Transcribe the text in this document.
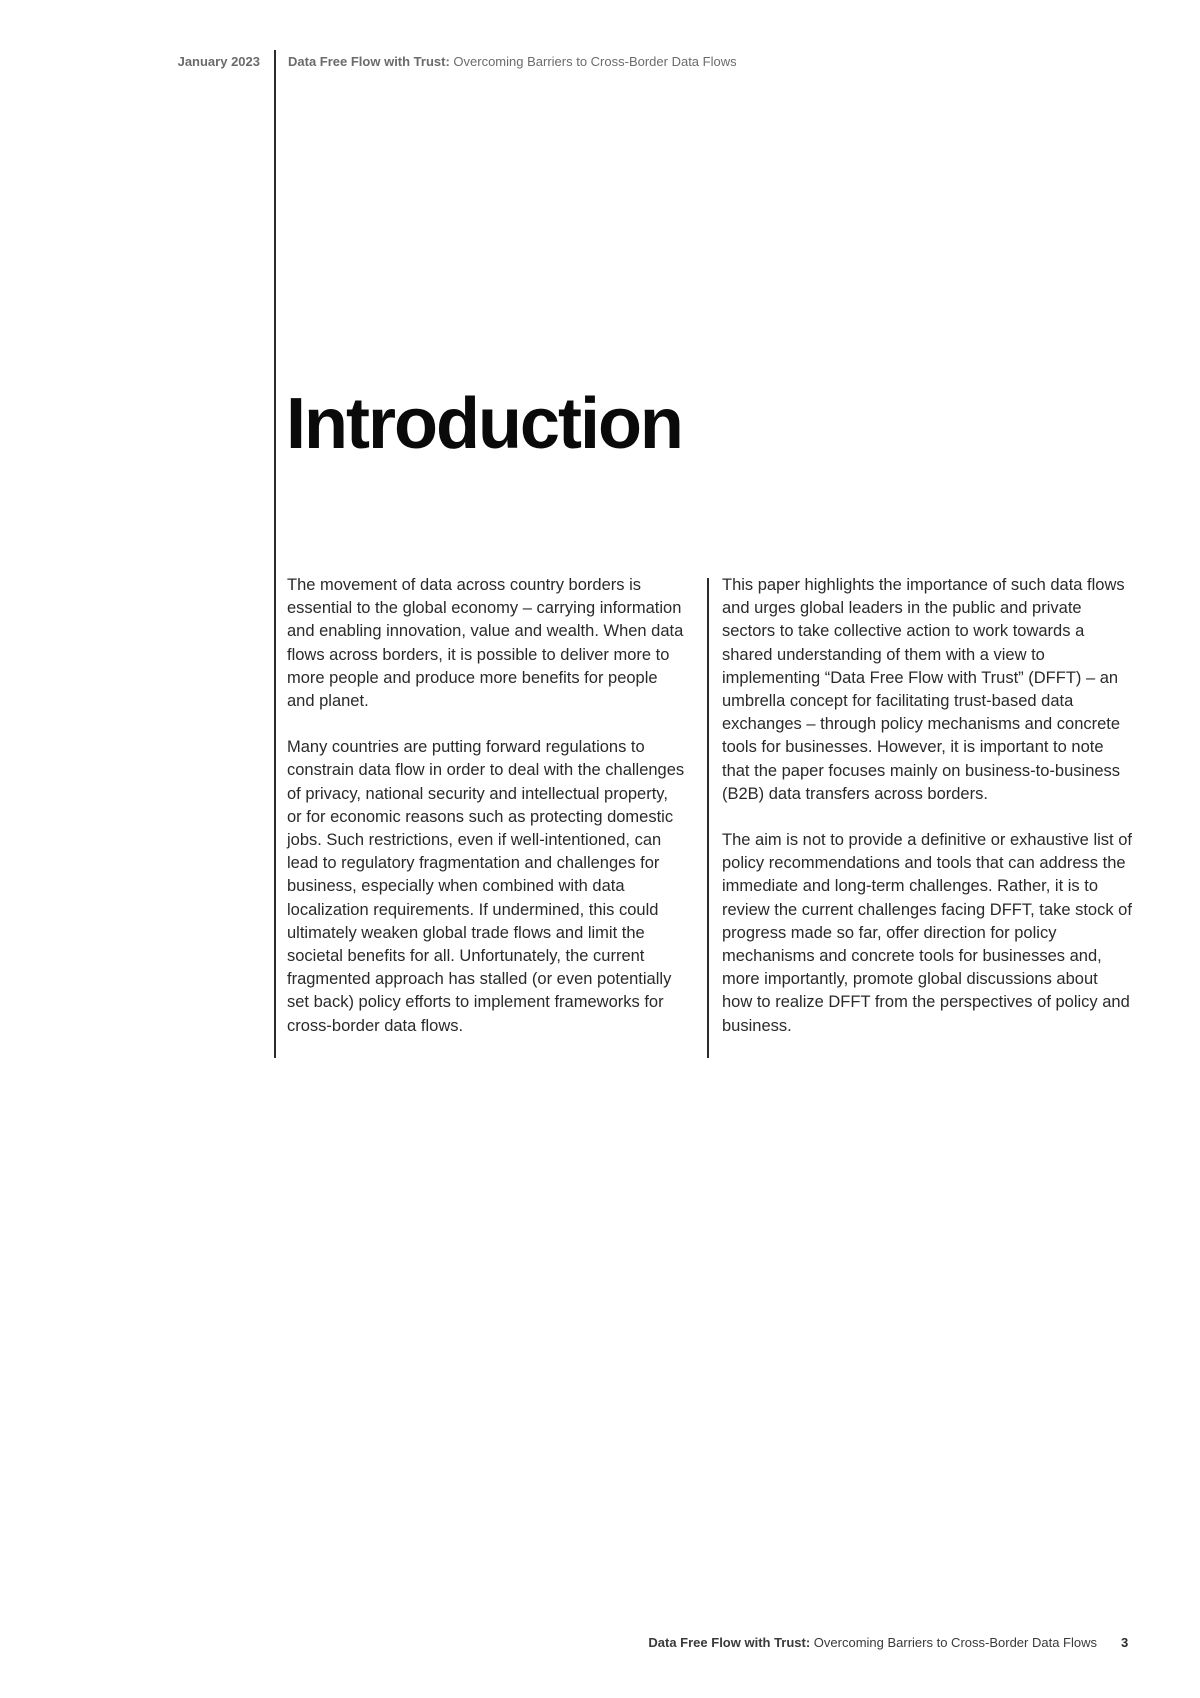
January 2023 Data Free Flow with Trust: Overcoming Barriers to Cross-Border Data Flows
Introduction

The movement of data across country borders is essential to the global economy – carrying information and enabling innovation, value and wealth. When data flows across borders, it is possible to deliver more to more people and produce more benefits for people and planet.

Many countries are putting forward regulations to constrain data flow in order to deal with the challenges of privacy, national security and intellectual property, or for economic reasons such as protecting domestic jobs. Such restrictions, even if well-intentioned, can lead to regulatory fragmentation and challenges for business, especially when combined with data localization requirements. If undermined, this could ultimately weaken global trade flows and limit the societal benefits for all. Unfortunately, the current fragmented approach has stalled (or even potentially set back) policy efforts to implement frameworks for cross-border data flows.

This paper highlights the importance of such data flows and urges global leaders in the public and private sectors to take collective action to work towards a shared understanding of them with a view to implementing “Data Free Flow with Trust” (DFFT) – an umbrella concept for facilitating trust-based data exchanges – through policy mechanisms and concrete tools for businesses. However, it is important to note that the paper focuses mainly on business-to-business (B2B) data transfers across borders.

The aim is not to provide a definitive or exhaustive list of policy recommendations and tools that can address the immediate and long-term challenges. Rather, it is to review the current challenges facing DFFT, take stock of progress made so far, offer direction for policy mechanisms and concrete tools for businesses and, more importantly, promote global discussions about how to realize DFFT from the perspectives of policy and business.

Data Free Flow with Trust: Overcoming Barriers to Cross-Border Data Flows 3
